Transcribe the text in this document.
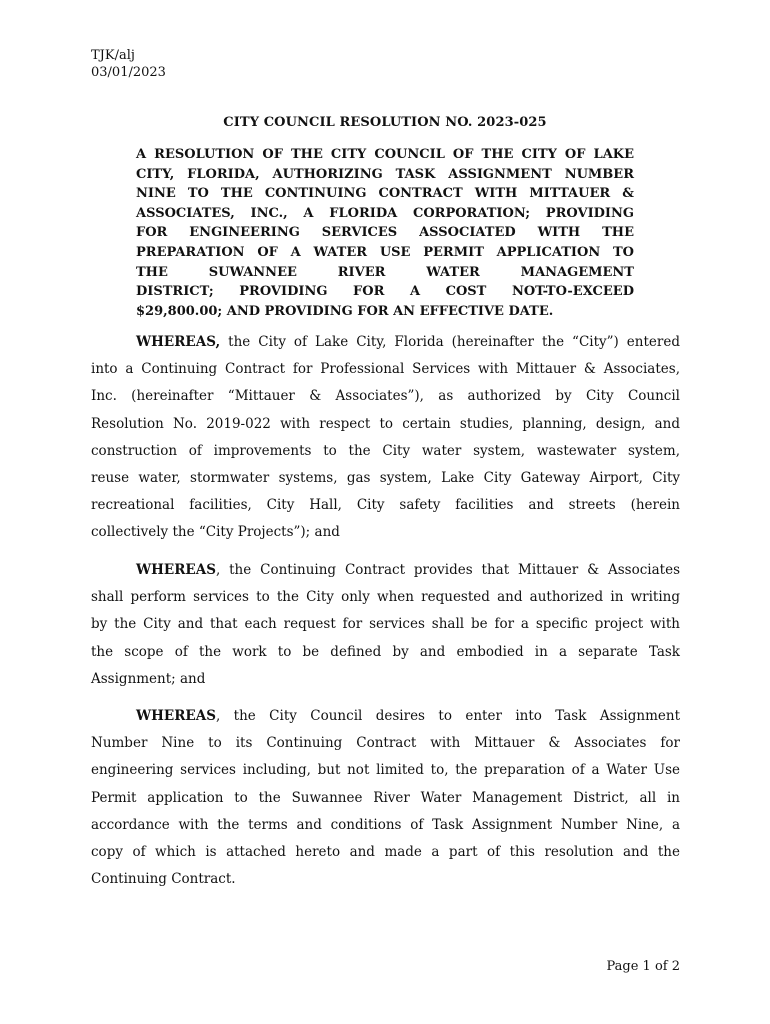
TJK/alj
03/01/2023
CITY COUNCIL RESOLUTION NO. 2023-025
A RESOLUTION OF THE CITY COUNCIL OF THE CITY OF LAKE
CITY, FLORIDA, AUTHORIZING TASK ASSIGNMENT NUMBER
NINE TO THE CONTINUING CONTRACT WITH MITTAUER &
ASSOCIATES, INC., A FLORIDA CORPORATION; PROVIDING
FOR ENGINEERING SERVICES ASSOCIATED WITH THE
PREPARATION OF A WATER USE PERMIT APPLICATION TO
THE SUWANNEE RIVER WATER MANAGEMENT
DISTRICT; PROVIDING FOR A COST NOT-TO-EXCEED
$29,800.00; AND PROVIDING FOR AN EFFECTIVE DATE.
WHEREAS, the City of Lake City, Florida (hereinafter the “City”) entered
into a Continuing Contract for Professional Services with Mittauer & Associates,
Inc. (hereinafter “Mittauer & Associates”), as authorized by City Council
Resolution No. 2019-022 with respect to certain studies, planning, design, and
construction of improvements to the City water system, wastewater system,
reuse water, stormwater systems, gas system, Lake City Gateway Airport, City
recreational facilities, City Hall, City safety facilities and streets (herein
collectively the “City Projects”); and
WHEREAS, the Continuing Contract provides that Mittauer & Associates
shall perform services to the City only when requested and authorized in writing
by the City and that each request for services shall be for a specific project with
the scope of the work to be defined by and embodied in a separate Task
Assignment; and
WHEREAS, the City Council desires to enter into Task Assignment
Number Nine to its Continuing Contract with Mittauer & Associates for
engineering services including, but not limited to, the preparation of a Water Use
Permit application to the Suwannee River Water Management District, all in
accordance with the terms and conditions of Task Assignment Number Nine, a
copy of which is attached hereto and made a part of this resolution and the
Continuing Contract.
Page 1 of 2
